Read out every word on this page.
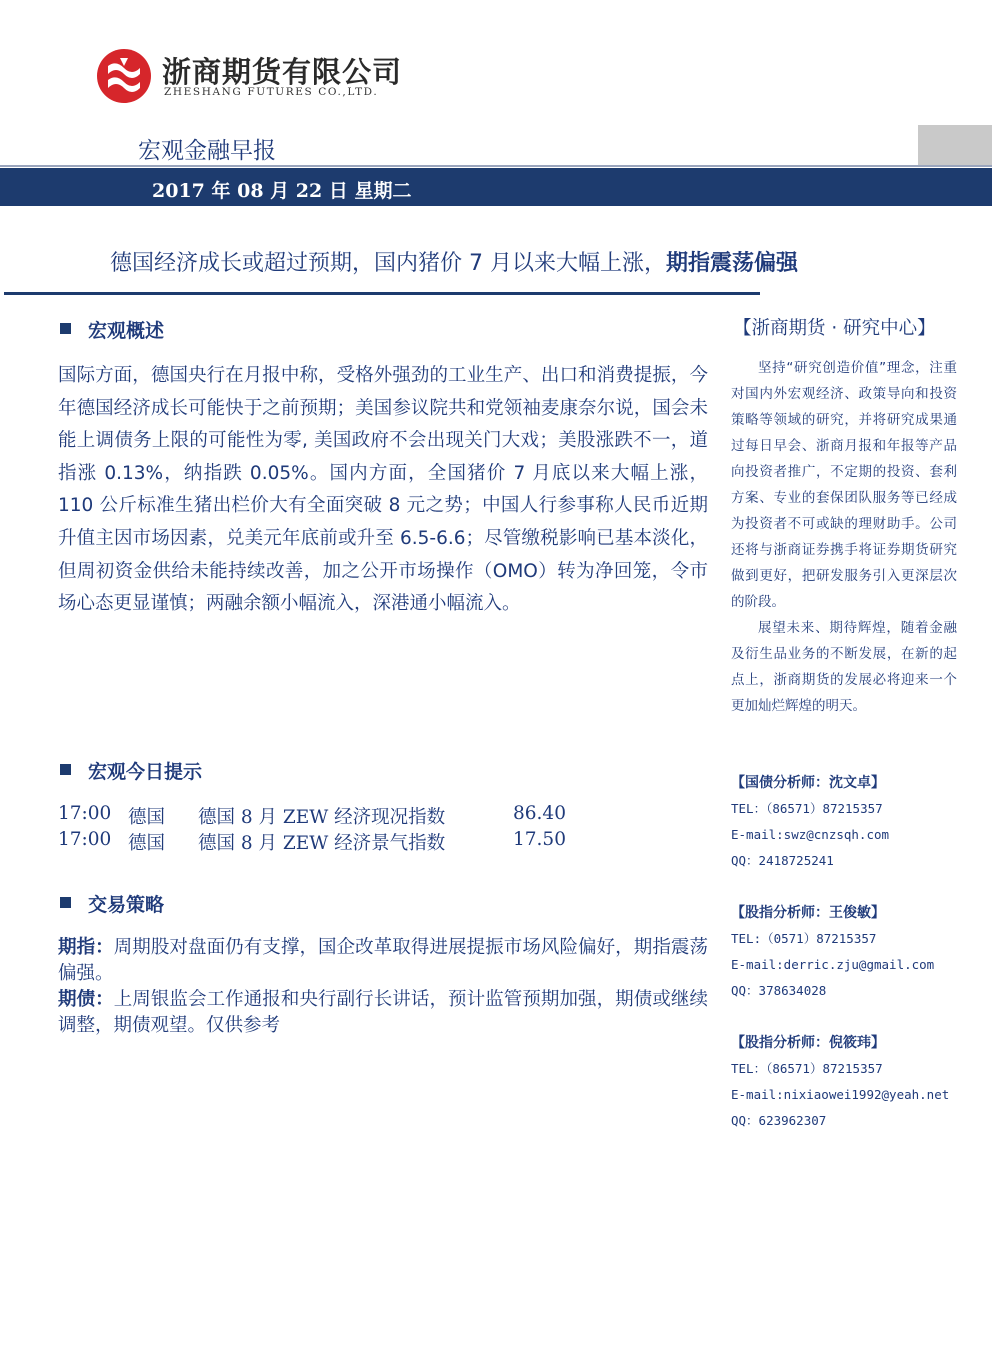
浙商期货有限公司
ZHESHANG FUTURES CO.,LTD.
宏观金融早报
2017 年 08 月 22 日 星期二
德国经济成长或超过预期，国内猪价 7 月以来大幅上涨，期指震荡偏强
宏观概述
国际方面，德国央行在月报中称，受格外强劲的工业生产、出口和消费提振，今年德国经济成长可能快于之前预期；美国参议院共和党领袖麦康奈尔说，国会未能上调债务上限的可能性为零, 美国政府不会出现关门大戏；美股涨跌不一，道指涨 0.13%，纳指跌 0.05%。国内方面，全国猪价 7 月底以来大幅上涨，110 公斤标准生猪出栏价大有全面突破 8 元之势；中国人行参事称人民币近期升值主因市场因素，兑美元年底前或升至 6.5-6.6；尽管缴税影响已基本淡化，但周初资金供给未能持续改善，加之公开市场操作（OMO）转为净回笼，令市场心态更显谨慎；两融余额小幅流入，深港通小幅流入。
宏观今日提示
17:00 德国 德国 8 月 ZEW 经济现况指数	86.40
17:00 德国 德国 8 月 ZEW 经济景气指数	17.50
交易策略

期指：周期股对盘面仍有支撑，国企改革取得进展提振市场风险偏好，期指震荡偏强。

期债：上周银监会工作通报和央行副行长讲话，预计监管预期加强，期债或继续调整，期债观望。仅供参考

【浙商期货 · 研究中心】

坚持“研究创造价值”理念，注重对国内外宏观经济、政策导向和投资策略等领域的研究，并将研究成果通过每日早会、浙商月报和年报等产品向投资者推广，不定期的投资、套利方案、专业的套保团队服务等已经成为投资者不可或缺的理财助手。公司还将与浙商证券携手将证券期货研究做到更好，把研发服务引入更深层次的阶段。

展望未来、期待辉煌，随着金融及衍生品业务的不断发展，在新的起点上，浙商期货的发展必将迎来一个更加灿烂辉煌的明天。

【国债分析师：沈文卓】
TEL：（86571）87215357
E-mail:swz@cnzsqh.com
QQ：2418725241
【股指分析师：王俊敏】
TEL:（0571）87215357
E-mail:derric.zju@gmail.com
QQ：378634028
【股指分析师：倪筱玮】
TEL：（86571）87215357
E-mail:nixiaowei1992@yeah.net
QQ：623962307
